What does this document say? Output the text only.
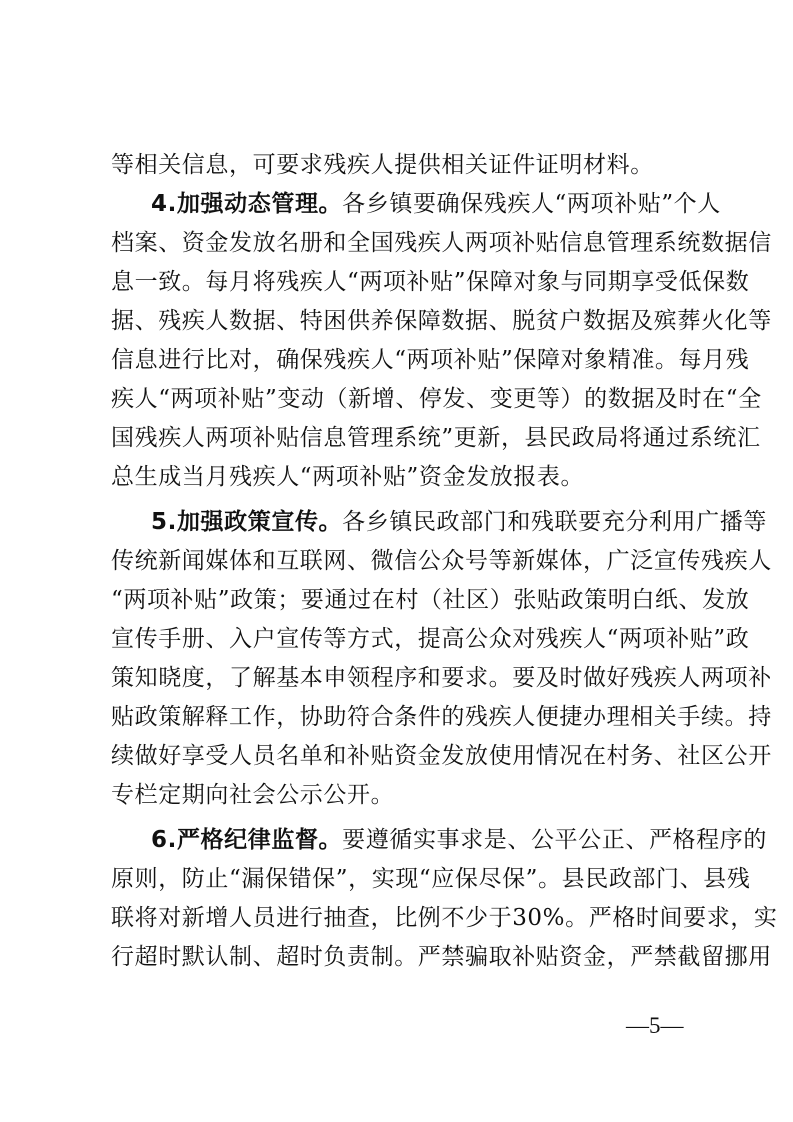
等相关信息，可要求残疾人提供相关证件证明材料。
4.加强动态管理。各乡镇要确保残疾人“两项补贴”个人
档案、资金发放名册和全国残疾人两项补贴信息管理系统数据信
息一致。每月将残疾人“两项补贴”保障对象与同期享受低保数
据、残疾人数据、特困供养保障数据、脱贫户数据及殡葬火化等
信息进行比对，确保残疾人“两项补贴”保障对象精准。每月残
疾人“两项补贴”变动（新增、停发、变更等）的数据及时在“全
国残疾人两项补贴信息管理系统”更新，县民政局将通过系统汇
总生成当月残疾人“两项补贴”资金发放报表。
5.加强政策宣传。各乡镇民政部门和残联要充分利用广播等
传统新闻媒体和互联网、微信公众号等新媒体，广泛宣传残疾人
“两项补贴”政策；要通过在村（社区）张贴政策明白纸、发放
宣传手册、入户宣传等方式，提高公众对残疾人“两项补贴”政
策知晓度，了解基本申领程序和要求。要及时做好残疾人两项补
贴政策解释工作，协助符合条件的残疾人便捷办理相关手续。持
续做好享受人员名单和补贴资金发放使用情况在村务、社区公开
专栏定期向社会公示公开。
6.严格纪律监督。要遵循实事求是、公平公正、严格程序的
原则，防止“漏保错保”，实现“应保尽保”。县民政部门、县残
联将对新增人员进行抽查，比例不少于30%。严格时间要求，实
行超时默认制、超时负责制。严禁骗取补贴资金，严禁截留挪用
—5—
